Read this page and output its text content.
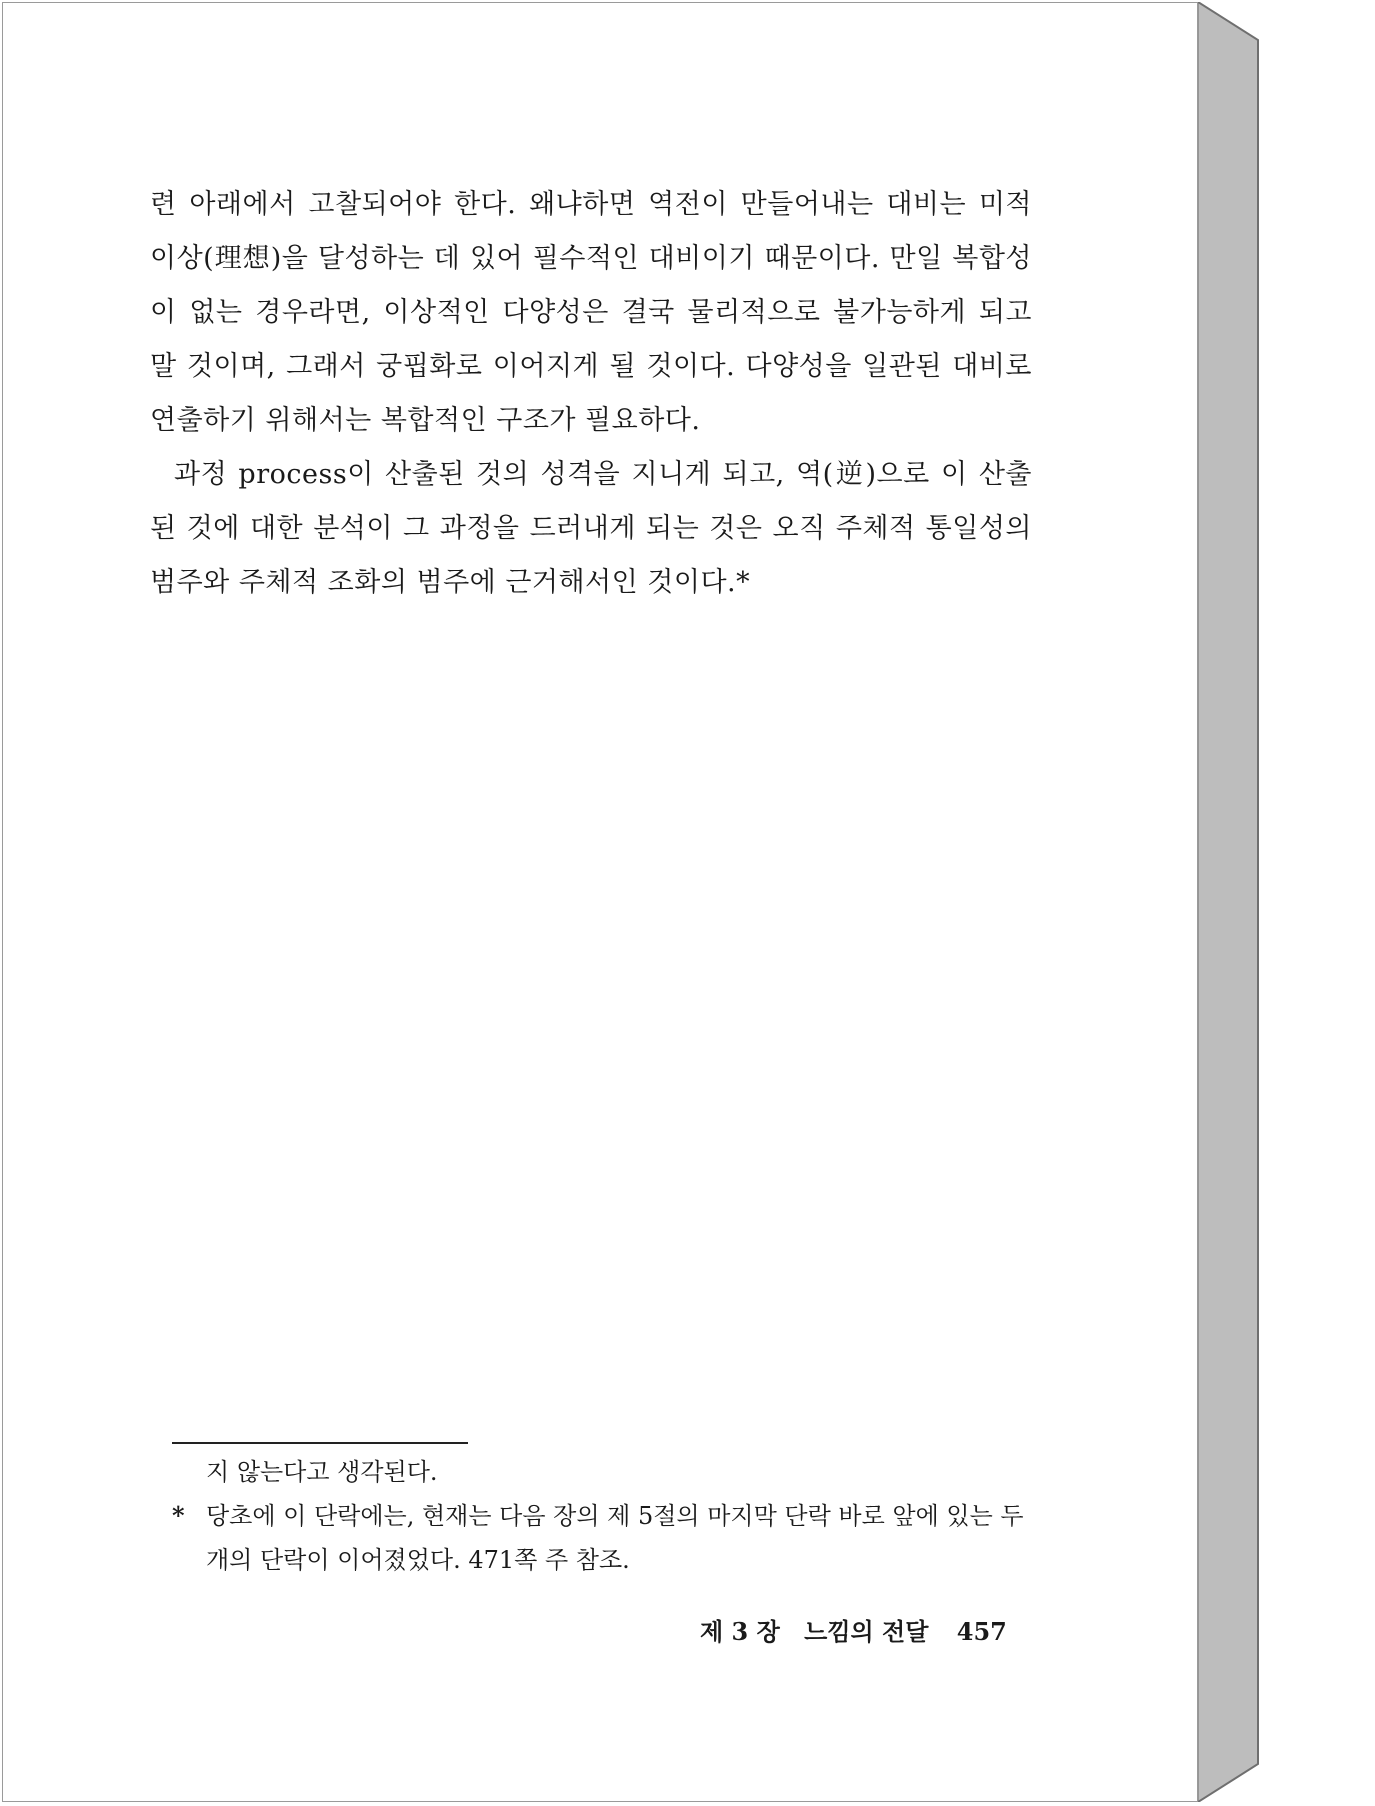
련 아래에서 고찰되어야 한다. 왜냐하면 역전이 만들어내는 대비는 미적 이상(理想)을 달성하는 데 있어 필수적인 대비이기 때문이다. 만일 복합성이 없는 경우라면, 이상적인 다양성은 결국 물리적으로 불가능하게 되고 말 것이며, 그래서 궁핍화로 이어지게 될 것이다. 다양성을 일관된 대비로 연출하기 위해서는 복합적인 구조가 필요하다.

과정 process이 산출된 것의 성격을 지니게 되고, 역(逆)으로 이 산출된 것에 대한 분석이 그 과정을 드러내게 되는 것은 오직 주체적 통일성의 범주와 주체적 조화의 범주에 근거해서인 것이다.*

지 않는다고 생각된다.

* 당초에 이 단락에는, 현재는 다음 장의 제 5절의 마지막 단락 바로 앞에 있는 두 개의 단락이 이어졌었다. 471쪽 주 참조.
제 3 장 느낌의 전달 457
